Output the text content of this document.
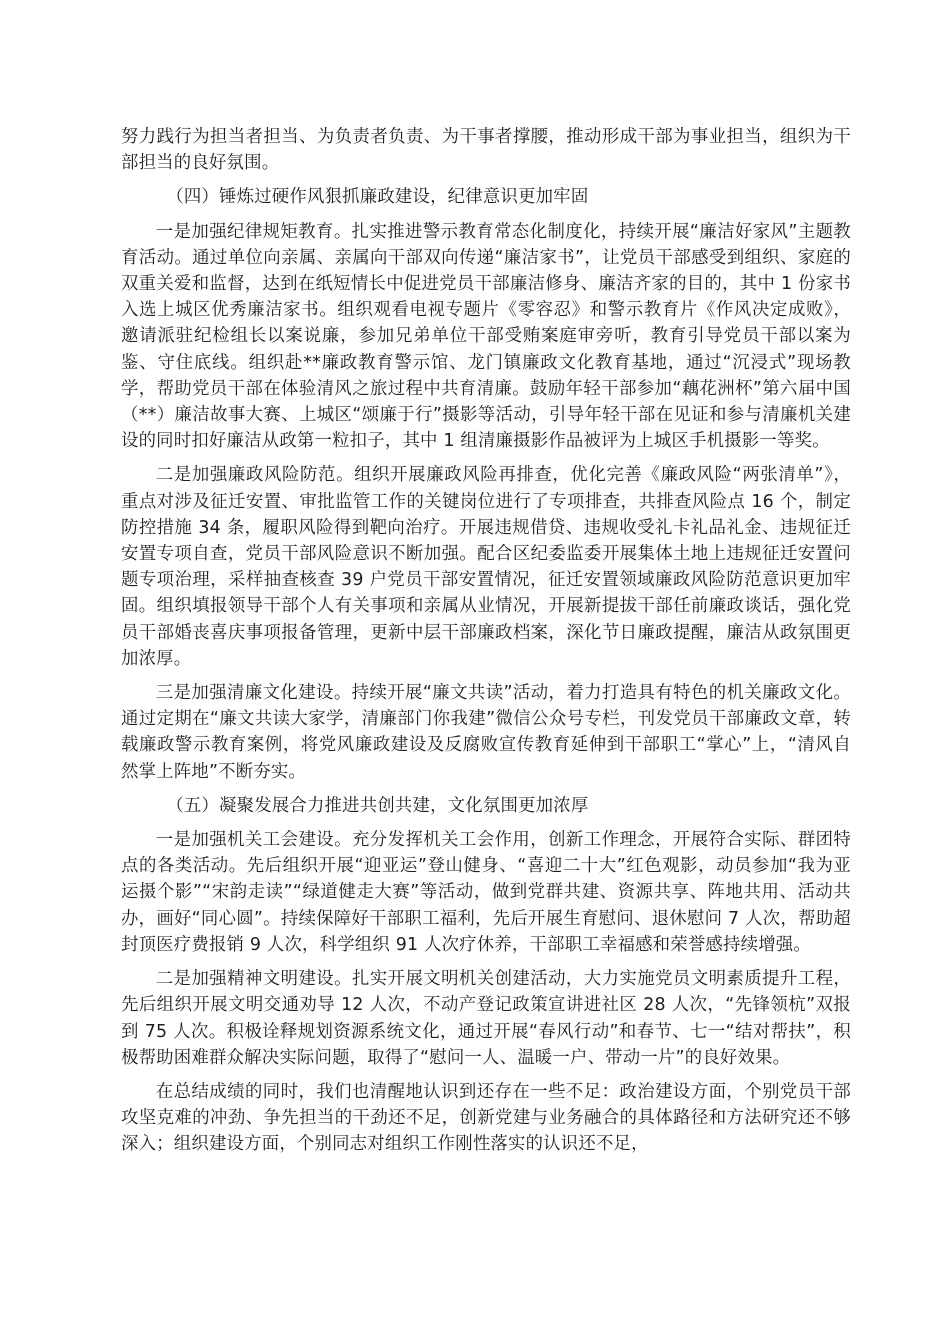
努力践行为担当者担当、为负责者负责、为干事者撑腰，推动形成干部为事业担当，组织为干部担当的良好氛围。

（四）锤炼过硬作风狠抓廉政建设，纪律意识更加牢固

一是加强纪律规矩教育。扎实推进警示教育常态化制度化，持续开展“廉洁好家风”主题教育活动。通过单位向亲属、亲属向干部双向传递“廉洁家书”，让党员干部感受到组织、家庭的双重关爱和监督，达到在纸短情长中促进党员干部廉洁修身、廉洁齐家的目的，其中 1 份家书入选上城区优秀廉洁家书。组织观看电视专题片《零容忍》和警示教育片《作风决定成败》，邀请派驻纪检组长以案说廉，参加兄弟单位干部受贿案庭审旁听，教育引导党员干部以案为鉴、守住底线。组织赴**廉政教育警示馆、龙门镇廉政文化教育基地，通过“沉浸式”现场教学，帮助党员干部在体验清风之旅过程中共育清廉。鼓励年轻干部参加“藕花洲杯”第六届中国（**）廉洁故事大赛、上城区“颂廉于行”摄影等活动，引导年轻干部在见证和参与清廉机关建设的同时扣好廉洁从政第一粒扣子，其中 1 组清廉摄影作品被评为上城区手机摄影一等奖。

二是加强廉政风险防范。组织开展廉政风险再排查，优化完善《廉政风险“两张清单”》，重点对涉及征迁安置、审批监管工作的关键岗位进行了专项排查，共排查风险点 16 个，制定防控措施 34 条，履职风险得到靶向治疗。开展违规借贷、违规收受礼卡礼品礼金、违规征迁安置专项自查，党员干部风险意识不断加强。配合区纪委监委开展集体土地上违规征迁安置问题专项治理，采样抽查核查 39 户党员干部安置情况，征迁安置领域廉政风险防范意识更加牢固。组织填报领导干部个人有关事项和亲属从业情况，开展新提拔干部任前廉政谈话，强化党员干部婚丧喜庆事项报备管理，更新中层干部廉政档案，深化节日廉政提醒，廉洁从政氛围更加浓厚。

三是加强清廉文化建设。持续开展“廉文共读”活动，着力打造具有特色的机关廉政文化。通过定期在“廉文共读大家学，清廉部门你我建”微信公众号专栏，刊发党员干部廉政文章，转载廉政警示教育案例，将党风廉政建设及反腐败宣传教育延伸到干部职工“掌心”上，“清风自然掌上阵地”不断夯实。

（五）凝聚发展合力推进共创共建，文化氛围更加浓厚

一是加强机关工会建设。充分发挥机关工会作用，创新工作理念，开展符合实际、群团特点的各类活动。先后组织开展“迎亚运”登山健身、“喜迎二十大”红色观影，动员参加“我为亚运摄个影”“宋韵走读”“绿道健走大赛”等活动，做到党群共建、资源共享、阵地共用、活动共办，画好“同心圆”。持续保障好干部职工福利，先后开展生育慰问、退休慰问 7 人次，帮助超封顶医疗费报销 9 人次，科学组织 91 人次疗休养，干部职工幸福感和荣誉感持续增强。

二是加强精神文明建设。扎实开展文明机关创建活动，大力实施党员文明素质提升工程，先后组织开展文明交通劝导 12 人次，不动产登记政策宣讲进社区 28 人次，“先锋领杭”双报到 75 人次。积极诠释规划资源系统文化，通过开展“春风行动”和春节、七一“结对帮扶”，积极帮助困难群众解决实际问题，取得了“慰问一人、温暖一户、带动一片”的良好效果。

在总结成绩的同时，我们也清醒地认识到还存在一些不足：政治建设方面，个别党员干部攻坚克难的冲劲、争先担当的干劲还不足，创新党建与业务融合的具体路径和方法研究还不够深入；组织建设方面，个别同志对组织工作刚性落实的认识还不足，
